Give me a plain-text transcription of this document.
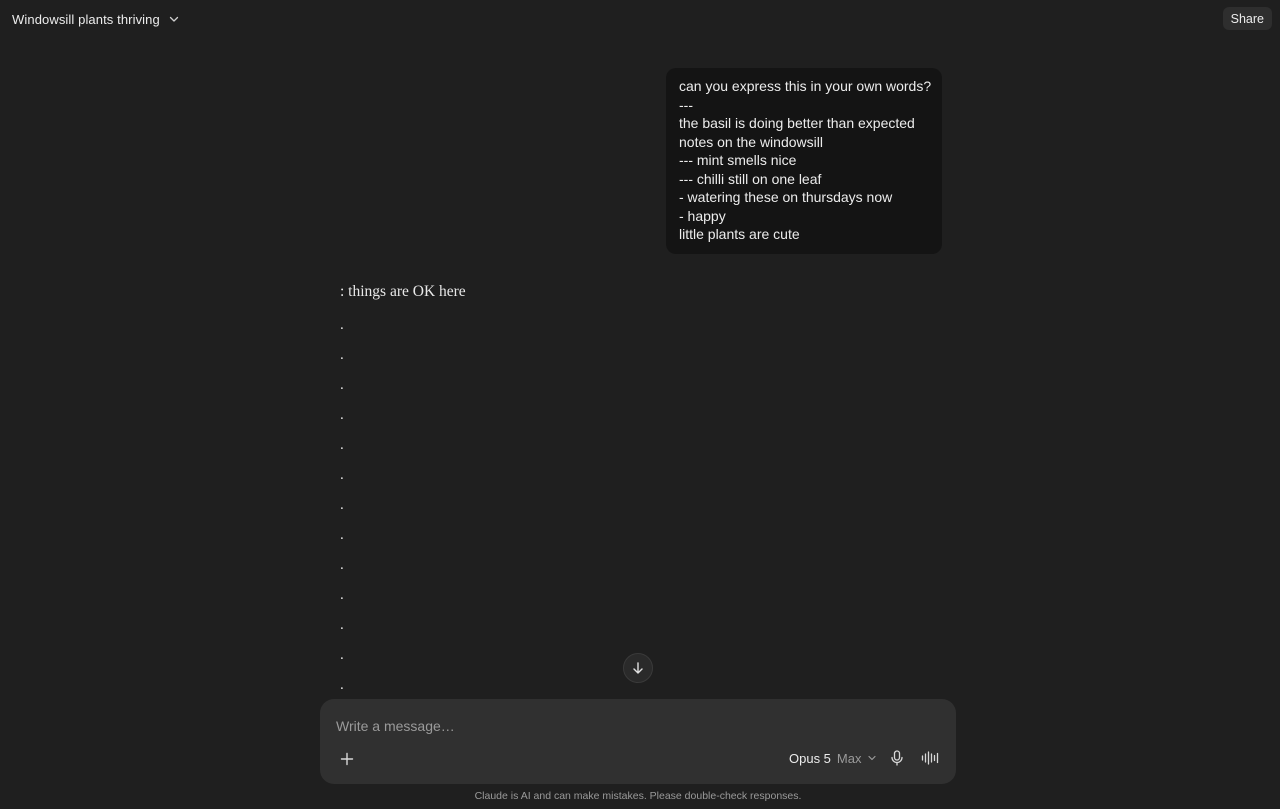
Windowsill plants thriving	Share
can you express this in your own words?
---
the basil is doing better than expected
notes on the windowsill
--- mint smells nice
--- chilli still on one leaf
- watering these on thursdays now
- happy
little plants are cute
: things are OK here
.
.
.
.
.
.
.
.
.
.
.
.
.
Write a message…
Opus 5 Max
Claude is AI and can make mistakes. Please double-check responses.
